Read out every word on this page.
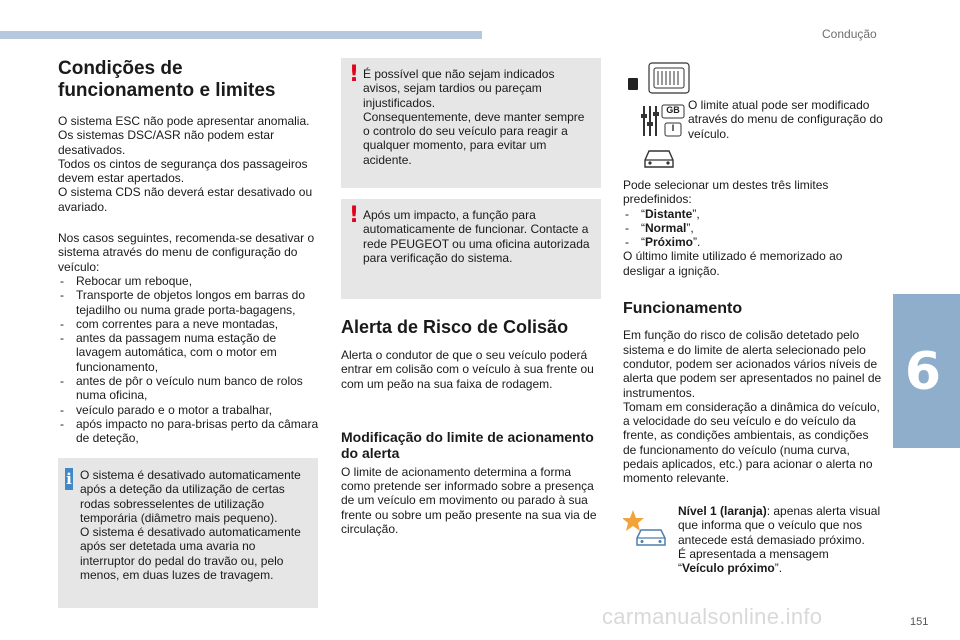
Condução
6
carmanualsonline.info	151
Condições de funcionamento e limites

O sistema ESC não pode apresentar anomalia.

Os sistemas DSC/ASR não podem estar desativados.

Todos os cintos de segurança dos passageiros devem estar apertados.

O sistema CDS não deverá estar desativado ou avariado.

Nos casos seguintes, recomenda-se desativar o sistema através do menu de configuração do veículo:

- Rebocar um reboque,
- Transporte de objetos longos em barras do tejadilho ou numa grade porta-bagagens,
- com correntes para a neve montadas,
- antes da passagem numa estação de lavagem automática, com o motor em funcionamento,
- antes de pôr o veículo num banco de rolos numa oficina,
- veículo parado e o motor a trabalhar,
- após impacto no para-brisas perto da câmara de deteção,
i O sistema é desativado automaticamente após a deteção da utilização de certas rodas sobresselentes de utilização temporária (diâmetro mais pequeno).

O sistema é desativado automaticamente após ser detetada uma avaria no interruptor do pedal do travão ou, pelo menos, em duas luzes de travagem.

! É possível que não sejam indicados avisos, sejam tardios ou pareçam injustificados.

Consequentemente, deve manter sempre o controlo do seu veículo para reagir a qualquer momento, para evitar um acidente.

! Após um impacto, a função para automaticamente de funcionar. Contacte a rede PEUGEOT ou uma oficina autorizada para verificação do sistema.
Alerta de Risco de Colisão

Alerta o condutor de que o seu veículo poderá entrar em colisão com o veículo à sua frente ou com um peão na sua faixa de rodagem.

Modificação do limite de acionamento do alerta

O limite de acionamento determina a forma como pretende ser informado sobre a presença de um veículo em movimento ou parado à sua frente ou sobre um peão presente na sua via de circulação.

GB
I
O limite atual pode ser modificado através do menu de configuração do veículo.

Pode selecionar um destes três limites predefinidos:

- “Distante”,
- “Normal”,
- “Próximo”.

O último limite utilizado é memorizado ao desligar a ignição.

Funcionamento

Em função do risco de colisão detetado pelo sistema e do limite de alerta selecionado pelo condutor, podem ser acionados vários níveis de alerta que podem ser apresentados no painel de instrumentos.

Tomam em consideração a dinâmica do veículo, a velocidade do seu veículo e do veículo da frente, as condições ambientais, as condições de funcionamento do veículo (numa curva, pedais aplicados, etc.) para acionar o alerta no momento relevante.

Nível 1 (laranja): apenas alerta visual que informa que o veículo que nos antecede está demasiado próximo.

É apresentada a mensagem

“Veículo próximo”.
